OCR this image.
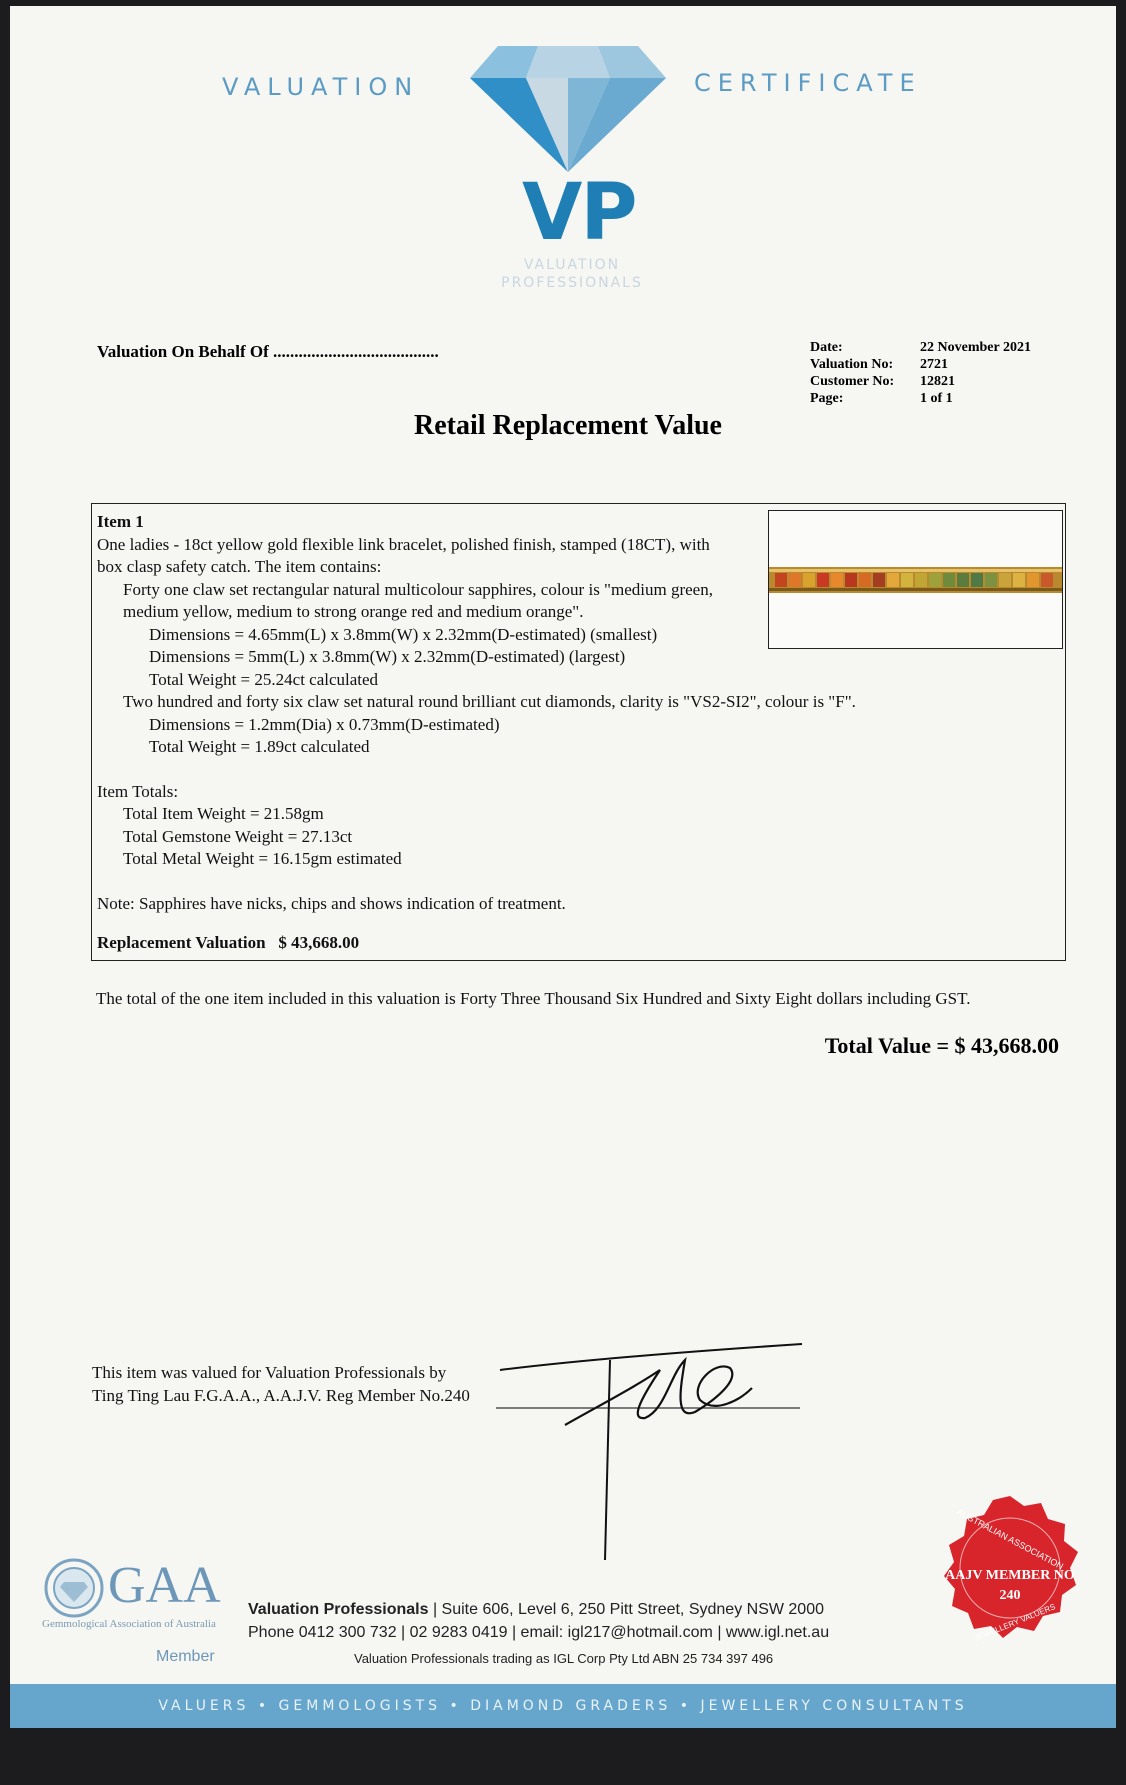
VALUATION	CERTIFICATE
VP
VALUATION
PROFESSIONALS
Valuation On Behalf Of .......................................	Date:	22 November 2021
Valuation No:	2721
Customer No:	12821
Page:	1 of 1
Retail Replacement Value
Item 1
One ladies - 18ct yellow gold flexible link bracelet, polished finish, stamped (18CT), with
box clasp safety catch. The item contains:
Forty one claw set rectangular natural multicolour sapphires, colour is "medium green,
medium yellow, medium to strong orange red and medium orange".
Dimensions = 4.65mm(L) x 3.8mm(W) x 2.32mm(D-estimated) (smallest)
Dimensions = 5mm(L) x 3.8mm(W) x 2.32mm(D-estimated) (largest)
Total Weight = 25.24ct calculated
Two hundred and forty six claw set natural round brilliant cut diamonds, clarity is "VS2-SI2", colour is "F".
Dimensions = 1.2mm(Dia) x 0.73mm(D-estimated)
Total Weight = 1.89ct calculated
Item Totals:
Total Item Weight = 21.58gm
Total Gemstone Weight = 27.13ct
Total Metal Weight = 16.15gm estimated
Note: Sapphires have nicks, chips and shows indication of treatment.
Replacement Valuation $ 43,668.00
The total of the one item included in this valuation is Forty Three Thousand Six Hundred and Sixty Eight dollars including GST.
Total Value = $ 43,668.00
This item was valued for Valuation Professionals by
Ting Ting Lau F.G.A.A., A.A.J.V. Reg Member No.240
GAA
Gemmological Association of Australia
Member
Valuation Professionals | Suite 606, Level 6, 250 Pitt Street, Sydney NSW 2000
Phone 0412 300 732 | 02 9283 0419 | email: igl217@hotmail.com | www.igl.net.au
Valuation Professionals trading as IGL Corp Pty Ltd ABN 25 734 397 496
AUSTRALIAN ASSOCIATION
AAJV MEMBER NO
240
JEWELLERY VALUERS
VALUERS • GEMMOLOGISTS • DIAMOND GRADERS • JEWELLERY CONSULTANTS
